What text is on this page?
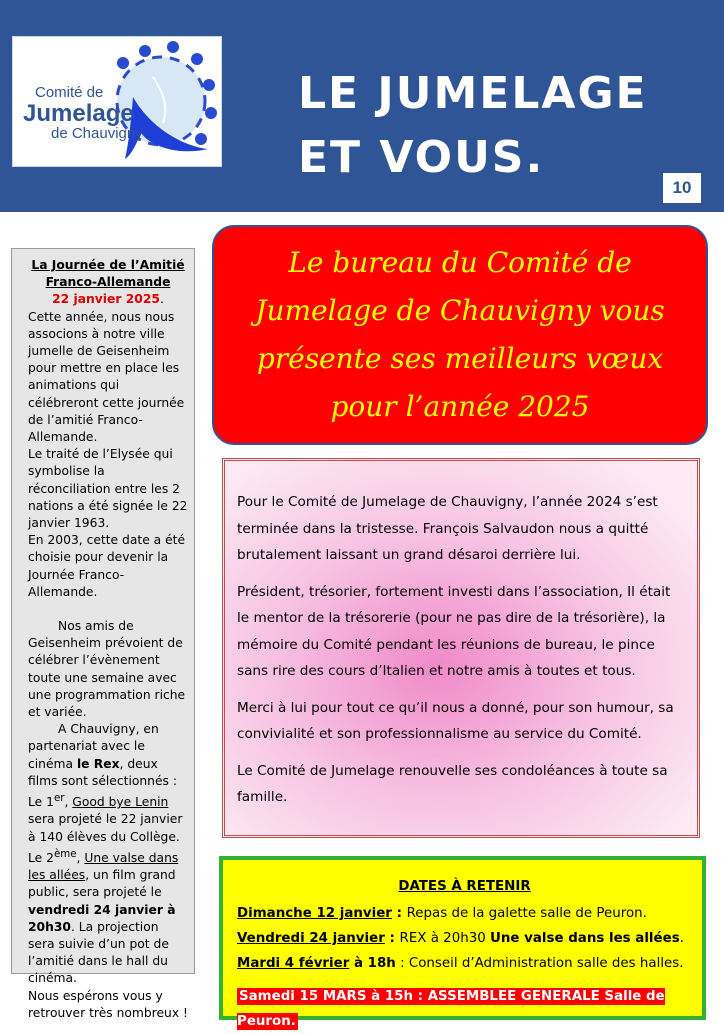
Comité de
Jumelage
de Chauvigny
LE JUMELAGE
ET VOUS.
10

La Journée de l’Amitié

Franco-Allemande

22 janvier 2025.

Cette année, nous nous associons à notre ville jumelle de Geisenheim pour mettre en place les animations qui célébreront cette journée de l’amitié Franco-Allemande.

Le traité de l’Elysée qui symbolise la réconciliation entre les 2 nations a été signée le 22 janvier 1963.

En 2003, cette date a été choisie pour devenir la Journée Franco-Allemande.

Nos amis de Geisenheim prévoient de célébrer l’évènement toute une semaine avec une programmation riche et variée.

A Chauvigny, en partenariat avec le cinéma le Rex, deux films sont sélectionnés :

Le 1er, Good bye Lenin sera projeté le 22 janvier à 140 élèves du Collège.

Le 2ème, Une valse dans les allées, un film grand public, sera projeté le vendredi 24 janvier à 20h30. La projection sera suivie d’un pot de l’amitié dans le hall du cinéma.

Nous espérons vous y retrouver très nombreux !

Le bureau du Comité de Jumelage de Chauvigny vous présente ses meilleurs vœux pour l’année 2025

Pour le Comité de Jumelage de Chauvigny, l’année 2024 s’est terminée dans la tristesse. François Salvaudon nous a quitté brutalement laissant un grand désaroi derrière lui.

Président, trésorier, fortement investi dans l’association, Il était le mentor de la trésorerie (pour ne pas dire de la trésorière), la mémoire du Comité pendant les réunions de bureau, le pince sans rire des cours d’Italien et notre amis à toutes et tous.

Merci à lui pour tout ce qu’il nous a donné, pour son humour, sa convivialité et son professionnalisme au service du Comité.

Le Comité de Jumelage renouvelle ses condoléances à toute sa famille.

DATES À RETENIR

Dimanche 12 janvier : Repas de la galette salle de Peuron.

Vendredi 24 janvier : REX à 20h30 Une valse dans les allées.

Mardi 4 février à 18h : Conseil d’Administration salle des halles.

Samedi 15 MARS à 15h : ASSEMBLEE GENERALE Salle de Peuron.
